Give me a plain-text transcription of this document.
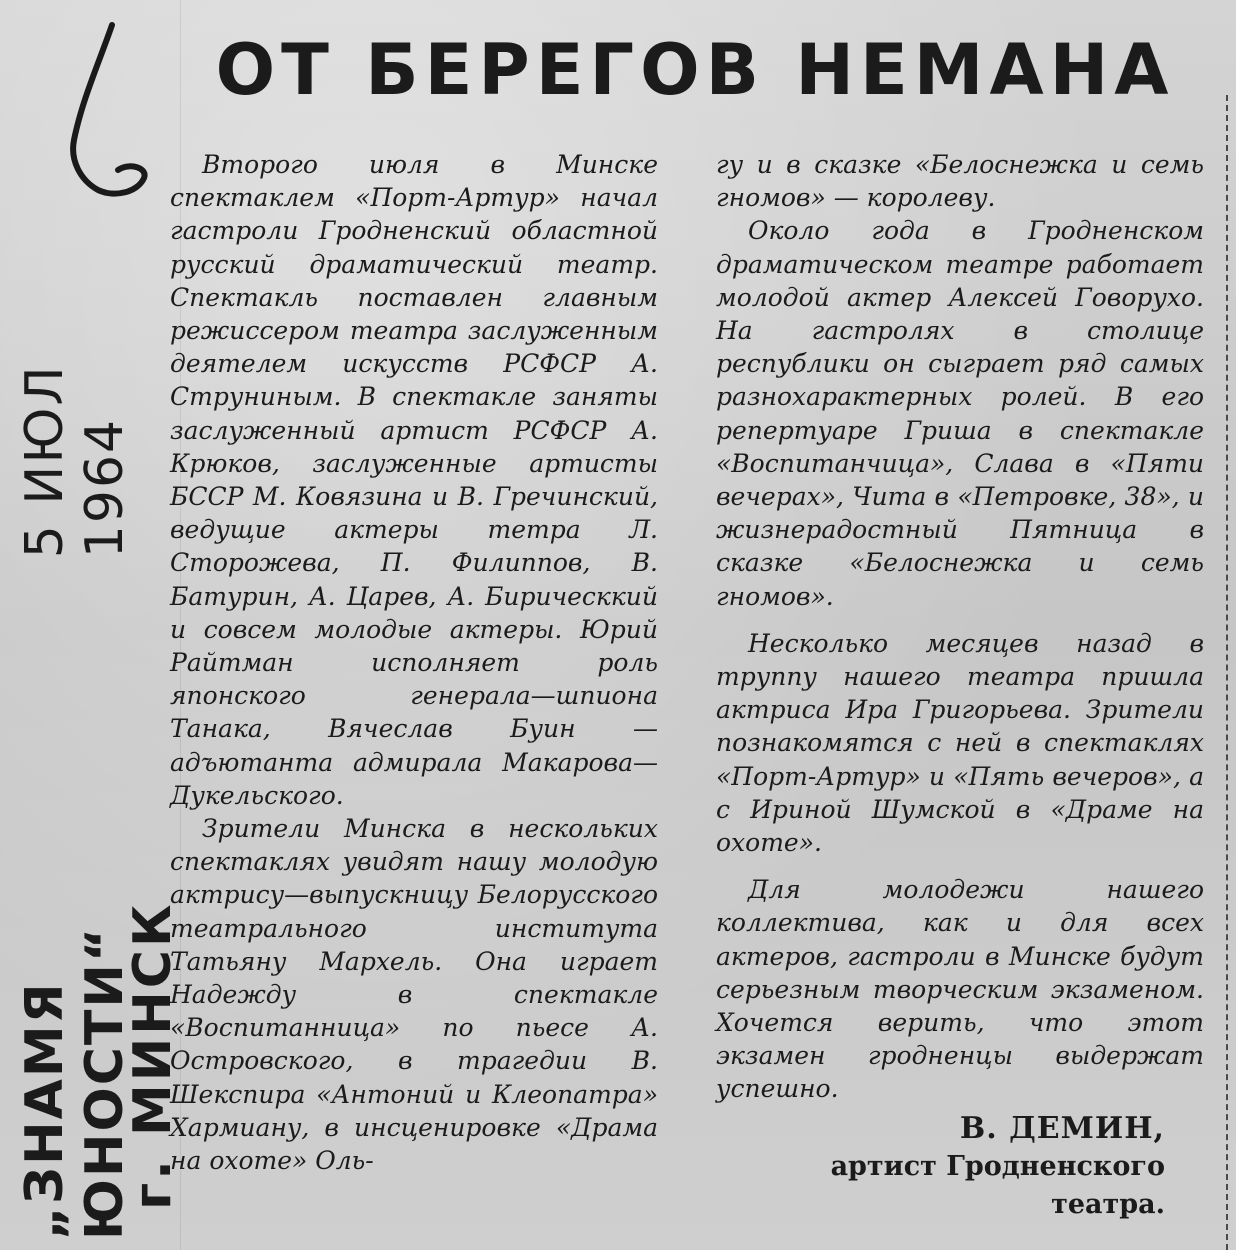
ОТ БЕРЕГОВ НЕМАНА
„ЗНАМЯ ЮНОСТИ“
5 ИЮЛ 1964
г. МИНСК

Второго июля в Минске спектаклем «Порт-Артур» начал гастроли Гродненский областной русский драматический театр. Спектакль поставлен главным режиссером театра заслуженным деятелем искусств РСФСР А. Струниным. В спектакле заняты заслуженный артист РСФСР А. Крюков, заслуженные артисты БССР М. Ковязина и В. Гречинский, ведущие актеры тетра Л. Сторожева, П. Филиппов, В. Батурин, А. Царев, А. Бирическкий и совсем молодые актеры. Юрий Райтман исполняет роль японского генерала—шпиона Танака, Вячеслав Буин — адъютанта адмирала Макарова—Дукельского.

Зрители Минска в нескольких спектаклях увидят нашу молодую актрису—выпускницу Белорусского театрального института Татьяну Мархель. Она играет Надежду в спектакле «Воспитанница» по пьесе А. Островского, в трагедии В. Шекспира «Антоний и Клеопатра» Хармиану, в инсценировке «Драма на охоте» Оль-

гу и в сказке «Белоснежка и семь гномов» — королеву.

Около года в Гродненском драматическом театре работает молодой актер Алексей Говорухо. На гастролях в столице республики он сыграет ряд самых разнохарактерных ролей. В его репертуаре Гриша в спектакле «Воспитанчица», Слава в «Пяти вечерах», Чита в «Петровке, 38», и жизнерадостный Пятница в сказке «Белоснежка и семь гномов».

Несколько месяцев назад в труппу нашего театра пришла актриса Ира Григорьева. Зрители познакомятся с ней в спектаклях «Порт-Артур» и «Пять вечеров», а с Ириной Шумской в «Драме на охоте».

Для молодежи нашего коллектива, как и для всех актеров, гастроли в Минске будут серьезным творческим экзаменом. Хочется верить, что этот экзамен гродненцы выдержат успешно.

В. ДЕМИН,
артист Гродненского
театра.
